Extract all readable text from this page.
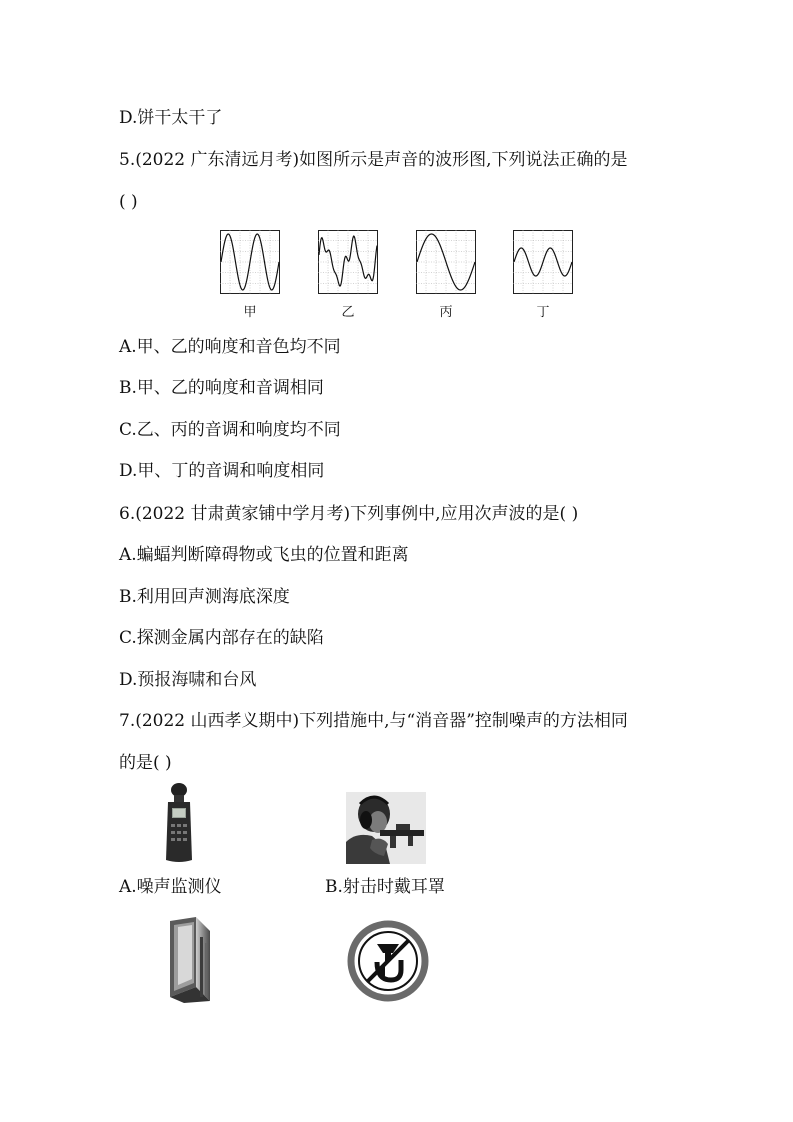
D.饼干太干了
5.(2022 广东清远月考)如图所示是声音的波形图,下列说法正确的是
( )
甲	乙	丙	丁
A.甲、乙的响度和音色均不同
B.甲、乙的响度和音调相同
C.乙、丙的音调和响度均不同
D.甲、丁的音调和响度相同
6.(2022 甘肃黄家铺中学月考)下列事例中,应用次声波的是( )
A.蝙蝠判断障碍物或飞虫的位置和距离
B.利用回声测海底深度
C.探测金属内部存在的缺陷
D.预报海啸和台风
7.(2022 山西孝义期中)下列措施中,与“消音器”控制噪声的方法相同
的是( )
A.噪声监测仪	B.射击时戴耳罩
